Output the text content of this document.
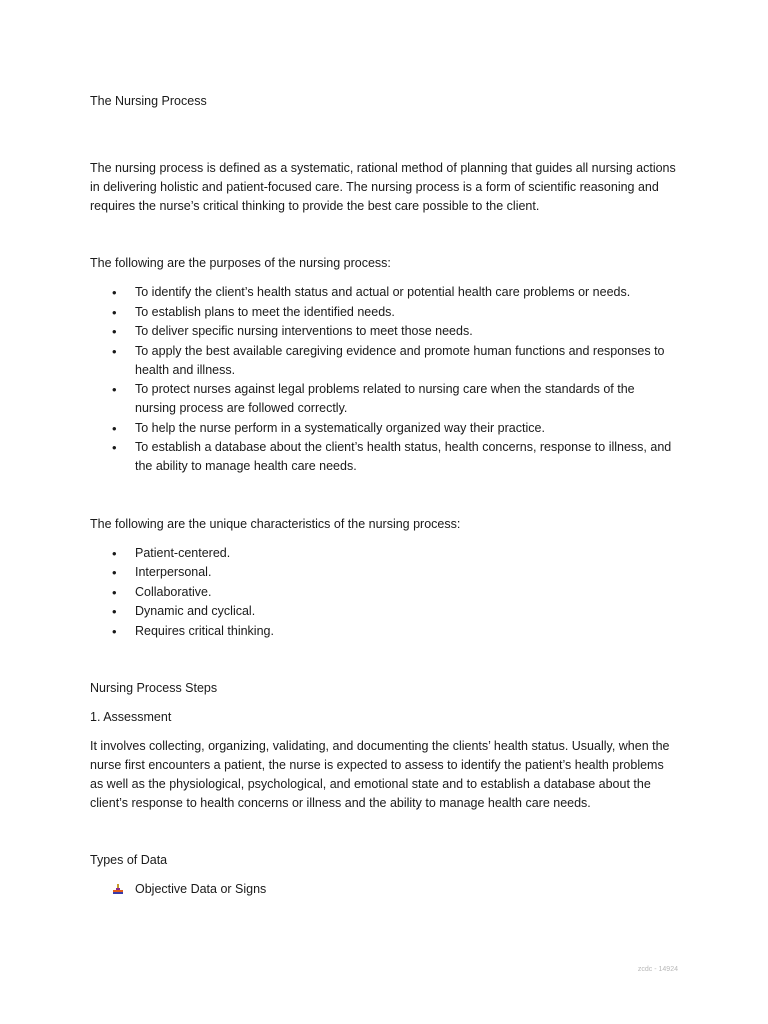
The Nursing Process

The nursing process is defined as a systematic, rational method of planning that guides all nursing actions in delivering holistic and patient-focused care. The nursing process is a form of scientific reasoning and requires the nurse’s critical thinking to provide the best care possible to the client.

The following are the purposes of the nursing process:

• To identify the client’s health status and actual or potential health care problems or needs.
• To establish plans to meet the identified needs.
• To deliver specific nursing interventions to meet those needs.
• To apply the best available caregiving evidence and promote human functions and responses to health and illness.
• To protect nurses against legal problems related to nursing care when the standards of the nursing process are followed correctly.
• To help the nurse perform in a systematically organized way their practice.
• To establish a database about the client’s health status, health concerns, response to illness, and the ability to manage health care needs.

The following are the unique characteristics of the nursing process:

• Patient-centered.
• Interpersonal.
• Collaborative.
• Dynamic and cyclical.
• Requires critical thinking.

Nursing Process Steps

1. Assessment

It involves collecting, organizing, validating, and documenting the clients’ health status. Usually, when the nurse first encounters a patient, the nurse is expected to assess to identify the patient’s health problems as well as the physiological, psychological, and emotional state and to establish a database about the client’s response to health concerns or illness and the ability to manage health care needs.

Types of Data

Objective Data or Signs
zcdc - 14924
